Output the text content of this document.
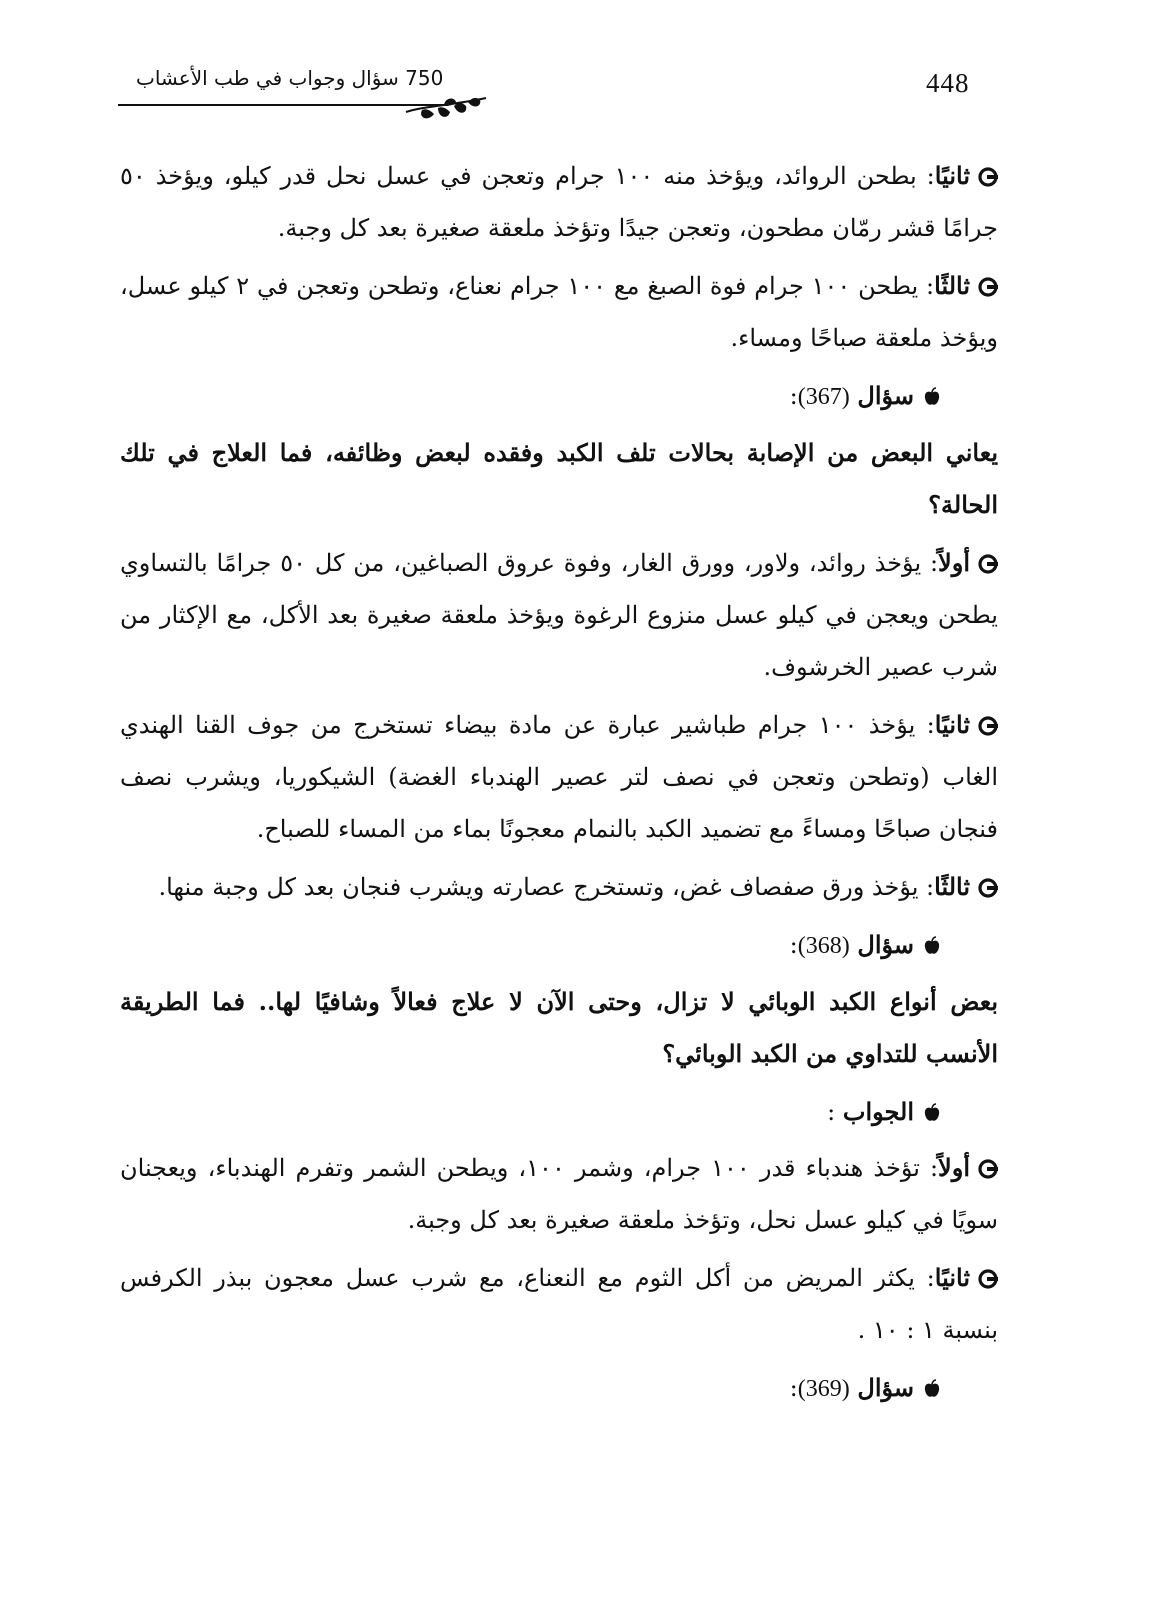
750 سؤال وجواب في طب الأعشاب	448

ثانيًا: بطحن الروائد، ويؤخذ منه ١٠٠ جرام وتعجن في عسل نحل قدر كيلو، ويؤخذ ٥٠ جرامًا قشر رمّان مطحون، وتعجن جيدًا وتؤخذ ملعقة صغيرة بعد كل وجبة.

ثالثًا: يطحن ١٠٠ جرام فوة الصبغ مع ١٠٠ جرام نعناع، وتطحن وتعجن في ٢ كيلو عسل، ويؤخذ ملعقة صباحًا ومساء.

سؤال (367):

يعاني البعض من الإصابة بحالات تلف الكبد وفقده لبعض وظائفه، فما العلاج في تلك الحالة؟

أولاً: يؤخذ روائد، ولاور، وورق الغار، وفوة عروق الصباغين، من كل ٥٠ جرامًا بالتساوي يطحن ويعجن في كيلو عسل منزوع الرغوة ويؤخذ ملعقة صغيرة بعد الأكل، مع الإكثار من شرب عصير الخرشوف.

ثانيًا: يؤخذ ١٠٠ جرام طباشير عبارة عن مادة بيضاء تستخرج من جوف القنا الهندي الغاب (وتطحن وتعجن في نصف لتر عصير الهندباء الغضة) الشيكوريا، ويشرب نصف فنجان صباحًا ومساءً مع تضميد الكبد بالنمام معجونًا بماء من المساء للصباح.

ثالثًا: يؤخذ ورق صفصاف غض، وتستخرج عصارته ويشرب فنجان بعد كل وجبة منها.

سؤال (368):

بعض أنواع الكبد الوبائي لا تزال، وحتى الآن لا علاج فعالاً وشافيًا لها.. فما الطريقة الأنسب للتداوي من الكبد الوبائي؟

الجواب :

أولاً: تؤخذ هندباء قدر ١٠٠ جرام، وشمر ١٠٠، ويطحن الشمر وتفرم الهندباء، ويعجنان سويًا في كيلو عسل نحل، وتؤخذ ملعقة صغيرة بعد كل وجبة.

ثانيًا: يكثر المريض من أكل الثوم مع النعناع، مع شرب عسل معجون ببذر الكرفس بنسبة ١ : ١٠ .

سؤال (369):
